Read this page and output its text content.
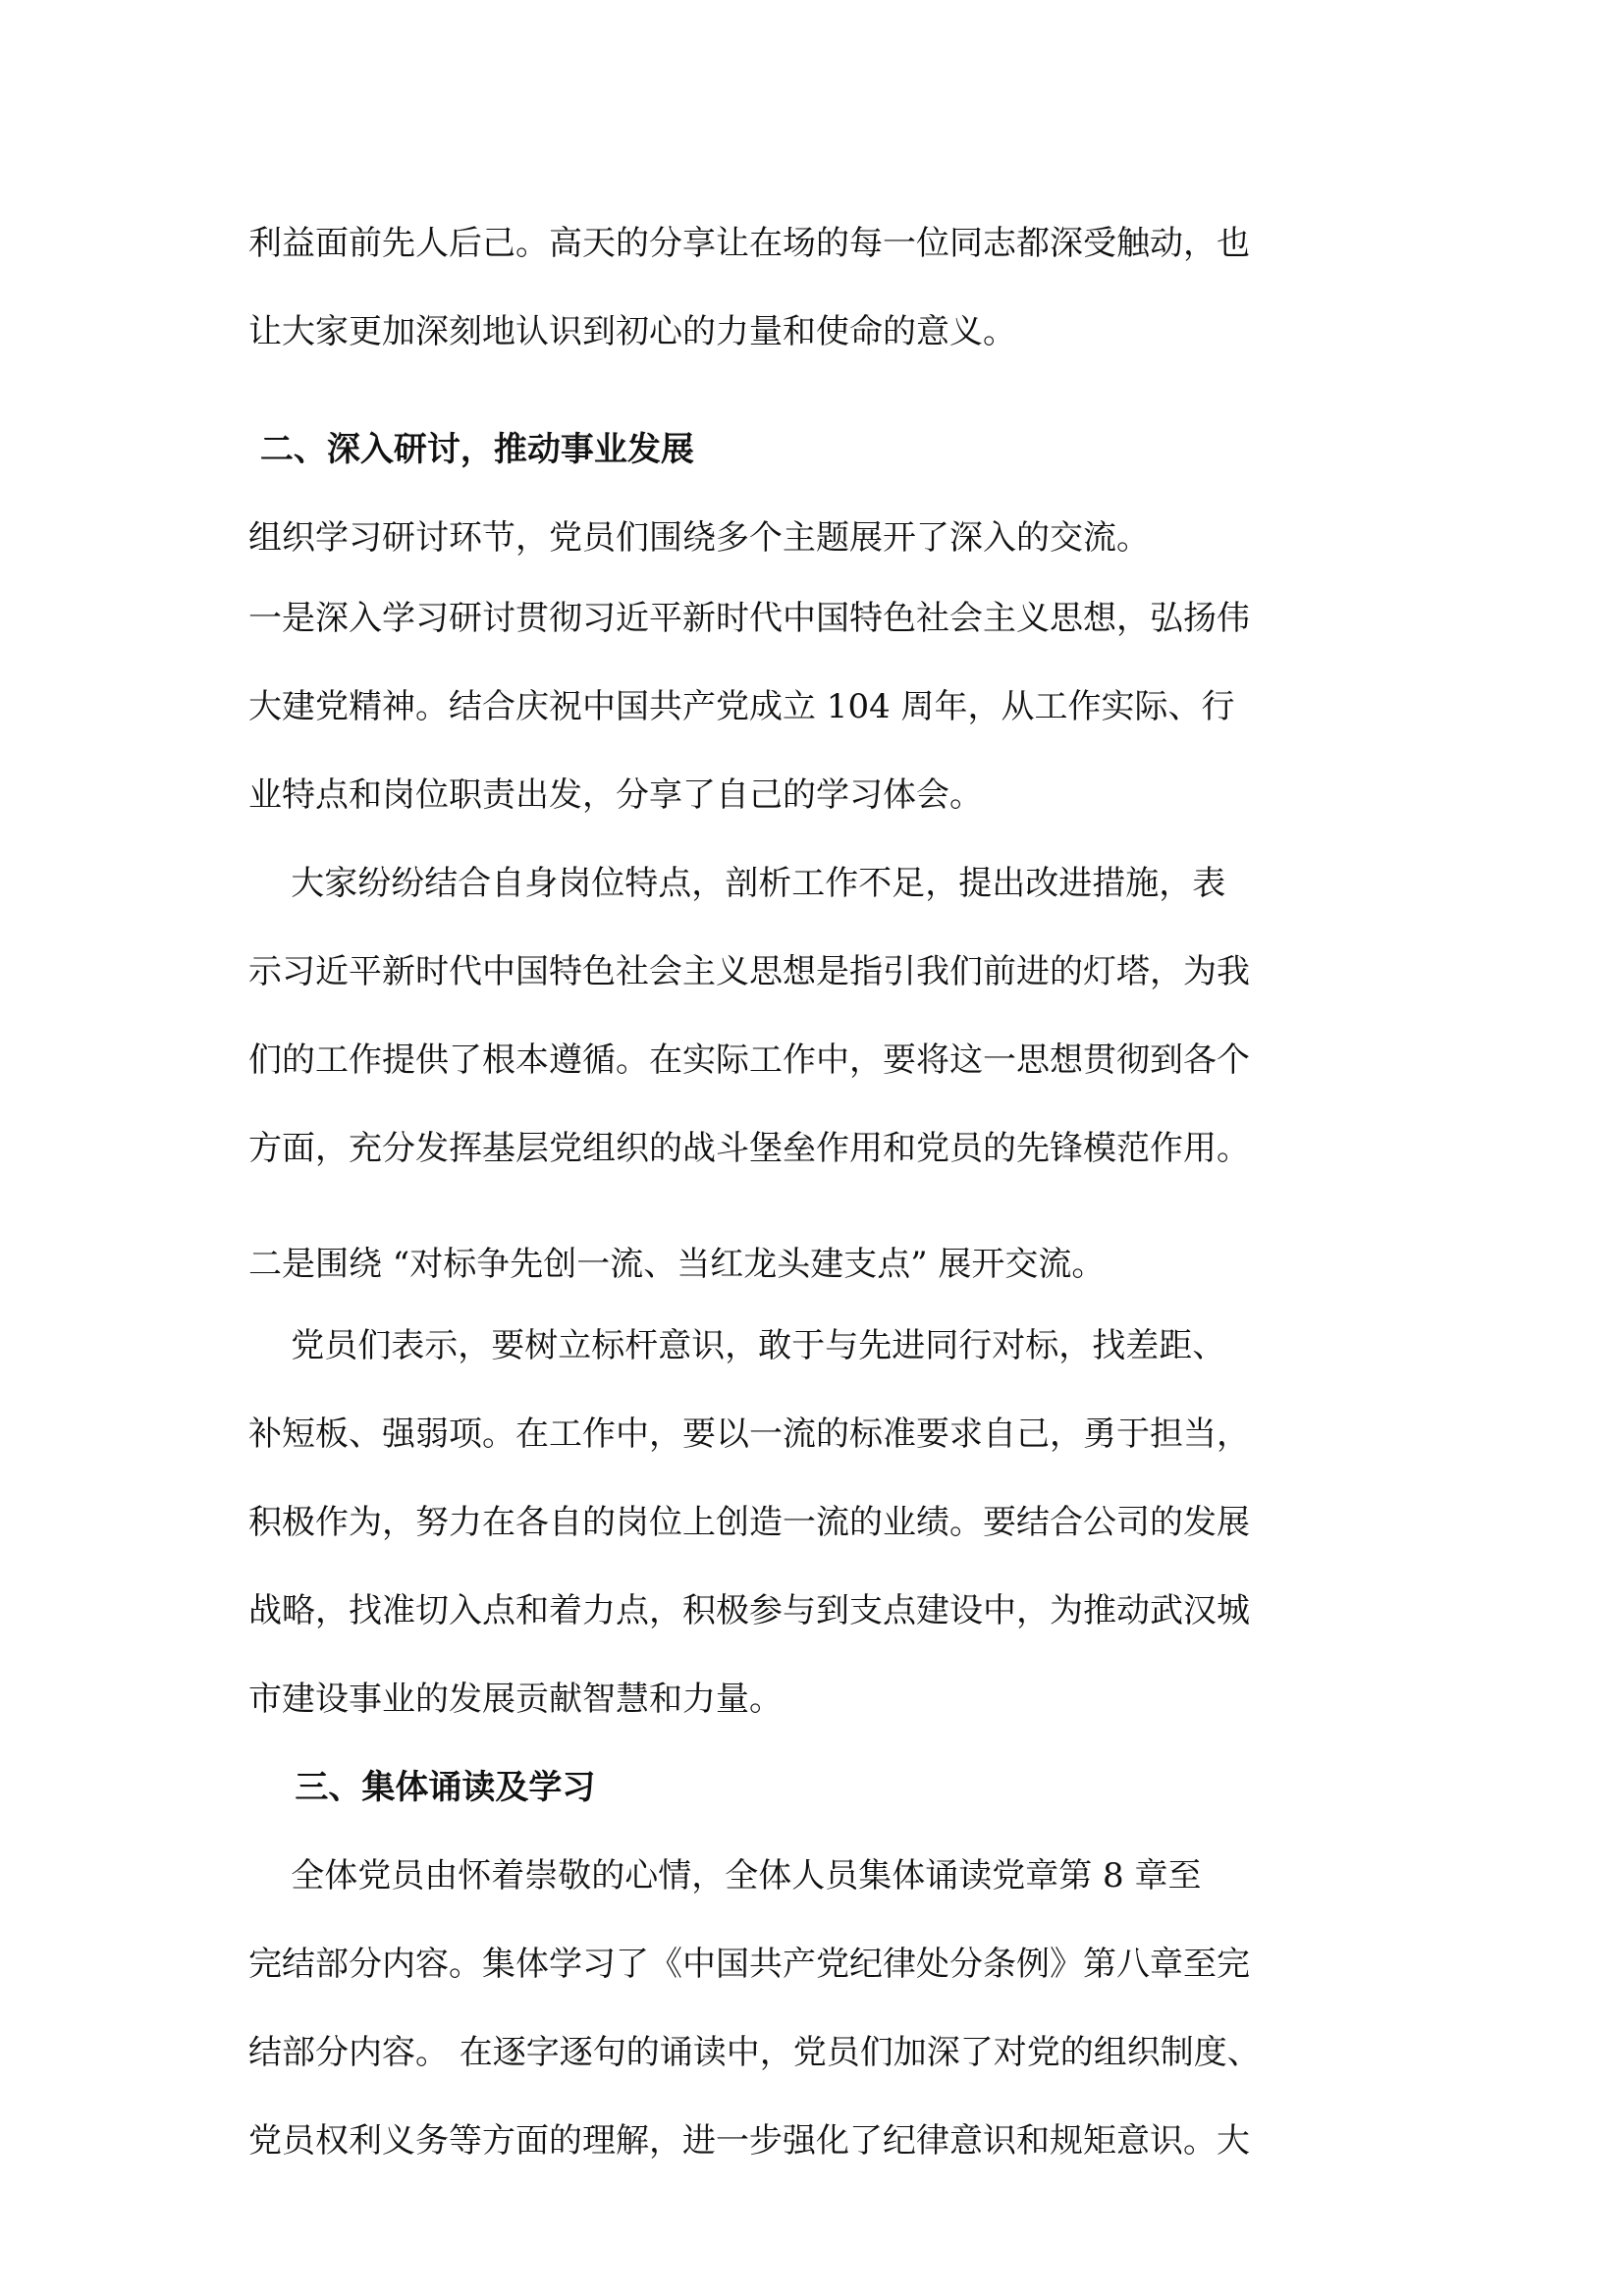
利益面前先人后己。高天的分享让在场的每一位同志都深受触动，也
让大家更加深刻地认识到初心的力量和使命的意义。
二、深入研讨，推动事业发展
组织学习研讨环节，党员们围绕多个主题展开了深入的交流。
一是深入学习研讨贯彻习近平新时代中国特色社会主义思想，弘扬伟
大建党精神。结合庆祝中国共产党成立 104 周年，从工作实际、行
业特点和岗位职责出发，分享了自己的学习体会。
大家纷纷结合自身岗位特点，剖析工作不足，提出改进措施，表
示习近平新时代中国特色社会主义思想是指引我们前进的灯塔，为我
们的工作提供了根本遵循。在实际工作中，要将这一思想贯彻到各个
方面，充分发挥基层党组织的战斗堡垒作用和党员的先锋模范作用。
二是围绕 “对标争先创一流、当红龙头建支点” 展开交流。
党员们表示，要树立标杆意识，敢于与先进同行对标，找差距、
补短板、强弱项。在工作中，要以一流的标准要求自己，勇于担当，
积极作为，努力在各自的岗位上创造一流的业绩。要结合公司的发展
战略，找准切入点和着力点，积极参与到支点建设中，为推动武汉城
市建设事业的发展贡献智慧和力量。
三、集体诵读及学习
全体党员由怀着崇敬的心情，全体人员集体诵读党章第 8 章至
完结部分内容。集体学习了《中国共产党纪律处分条例》第八章至完
结部分内容。 在逐字逐句的诵读中，党员们加深了对党的组织制度、
党员权利义务等方面的理解，进一步强化了纪律意识和规矩意识。大
